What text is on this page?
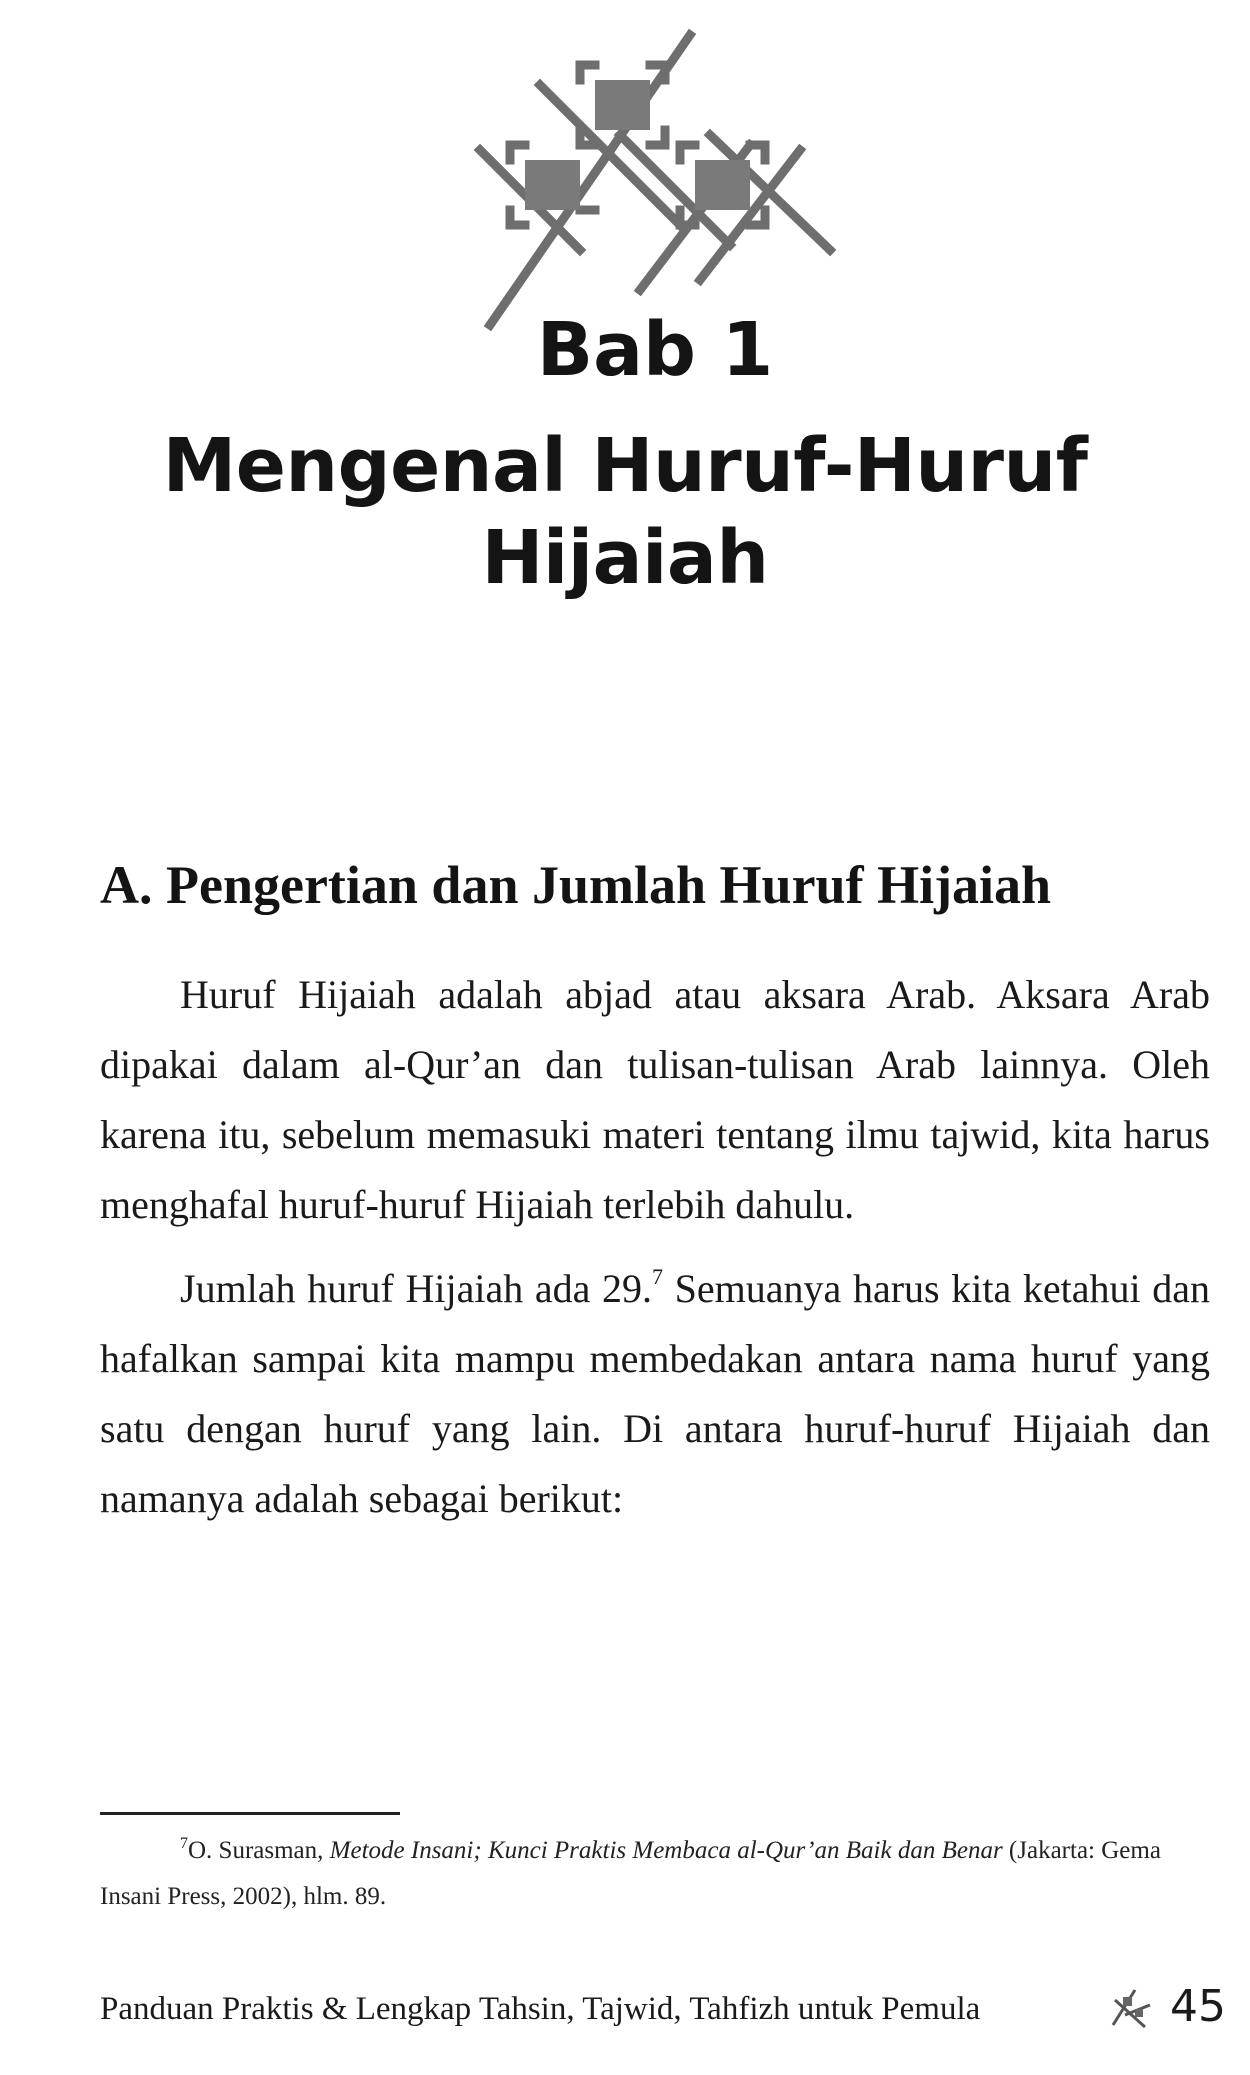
Bab 1
Mengenal Huruf-Huruf
Hijaiah
A. Pengertian dan Jumlah Huruf Hijaiah

Huruf Hijaiah adalah abjad atau aksara Arab. Aksara Arab dipakai dalam al-Qur’an dan tulisan-tulisan Arab lainnya. Oleh karena itu, sebelum memasuki materi tentang ilmu tajwid, kita harus menghafal huruf-huruf Hijaiah terlebih dahulu.

Jumlah huruf Hijaiah ada 29.$^7$ Semuanya harus kita ketahui dan hafalkan sampai kita mampu membedakan antara nama huruf yang satu dengan huruf yang lain. Di antara huruf-huruf Hijaiah dan namanya adalah sebagai berikut:

$^7$O. Surasman, Metode Insani; Kunci Praktis Membaca al-Qur’an Baik dan Benar (Jakarta: Gema Insani Press, 2002), hlm. 89.
Panduan Praktis & Lengkap Tahsin, Tajwid, Tahfizh untuk Pemula	45
